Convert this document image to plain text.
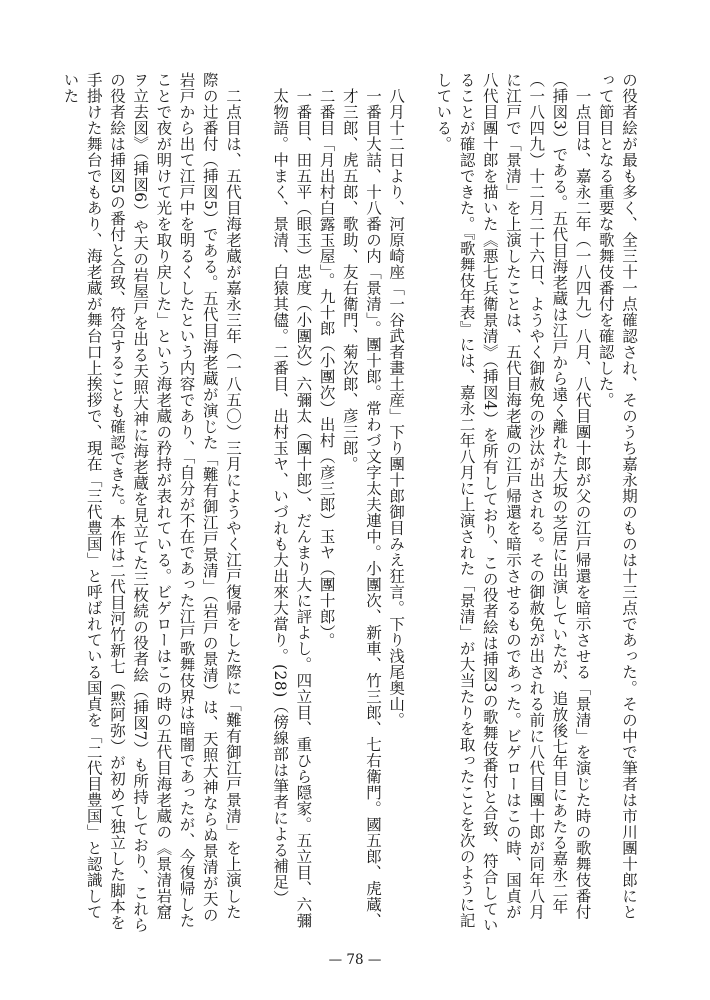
の役者絵が最も多く、全三十一点確認され、そのうち嘉永期のものは十三点であった。その中で筆者は市川團十郎にとって節目となる重要な歌舞伎番付を確認した。

一点目は、嘉永二年（一八四九）八月、八代目團十郎が父の江戸帰還を暗示させる「景清」を演じた時の歌舞伎番付（挿図3）である。五代目海老蔵は江戸から遠く離れた大坂の芝居に出演していたが、追放後七年目にあたる嘉永二年（一八四九）十二月二十六日、ようやく御赦免の沙汰が出される。その御赦免が出される前に八代目團十郎が同年八月に江戸で「景清」を上演したことは、五代目海老蔵の江戸帰還を暗示させるものであった。ビゲローはこの時、国貞が八代目團十郎を描いた《悪七兵衛景清》（挿図4）を所有しており、この役者絵は挿図3の歌舞伎番付と合致、符合していることが確認できた。『歌舞伎年表』には、嘉永二年八月に上演された「景清」が大当たりを取ったことを次のように記している。

八月十二日より、河原崎座「一谷武者畫土産」下り團十郎御目みえ狂言。下り浅尾奥山。

一番目大詰、十八番の内「景清」。團十郎。常わづ文字太夫連中。小團次、新車、竹三郎、七右衛門。國五郎、虎蔵、才三郎、虎五郎、歌助、友右衛門、菊次郎、彦三郎。

二番目「月出村白露玉屋」。九十郎（小團次）出村（彦三郎）玉ヤ（團十郎）。

一番目、田五平（眼玉）忠度（小團次）六彌太（團十郎）、だんまり大に評よし。四立目、重ひら隠家。五立目、六彌太物語。中まく、景清、白猿其儘。二番目、出村玉ヤ、いづれも大出來大當り。(28)（傍線部は筆者による補足）

二点目は、五代目海老蔵が嘉永三年（一八五〇）三月にようやく江戸復帰をした際に「難有御江戸景清」を上演した際の辻番付（挿図5）である。五代目海老蔵が演じた「難有御江戸景清」（岩戸の景清）は、天照大神ならぬ景清が天の岩戸から出て江戸中を明るくしたという内容であり、「自分が不在であった江戸歌舞伎界は暗闇であったが、今復帰したことで夜が明けて光を取り戻した」という海老蔵の矜持が表れている。ビゲローはこの時の五代目海老蔵の《景清岩窟ヲ立去図》（挿図6）や天の岩屋戸を出る天照大神に海老蔵を見立てた三枚続の役者絵（挿図7）も所持しており、これらの役者絵は挿図5の番付と合致、符合することも確認できた。本作は二代目河竹新七（黙阿弥）が初めて独立した脚本を手掛けた舞台でもあり、海老蔵が舞台口上挨拶で、現在「三代豊国」と呼ばれている国貞を「二代目豊国」と認識していた

— 78 —
